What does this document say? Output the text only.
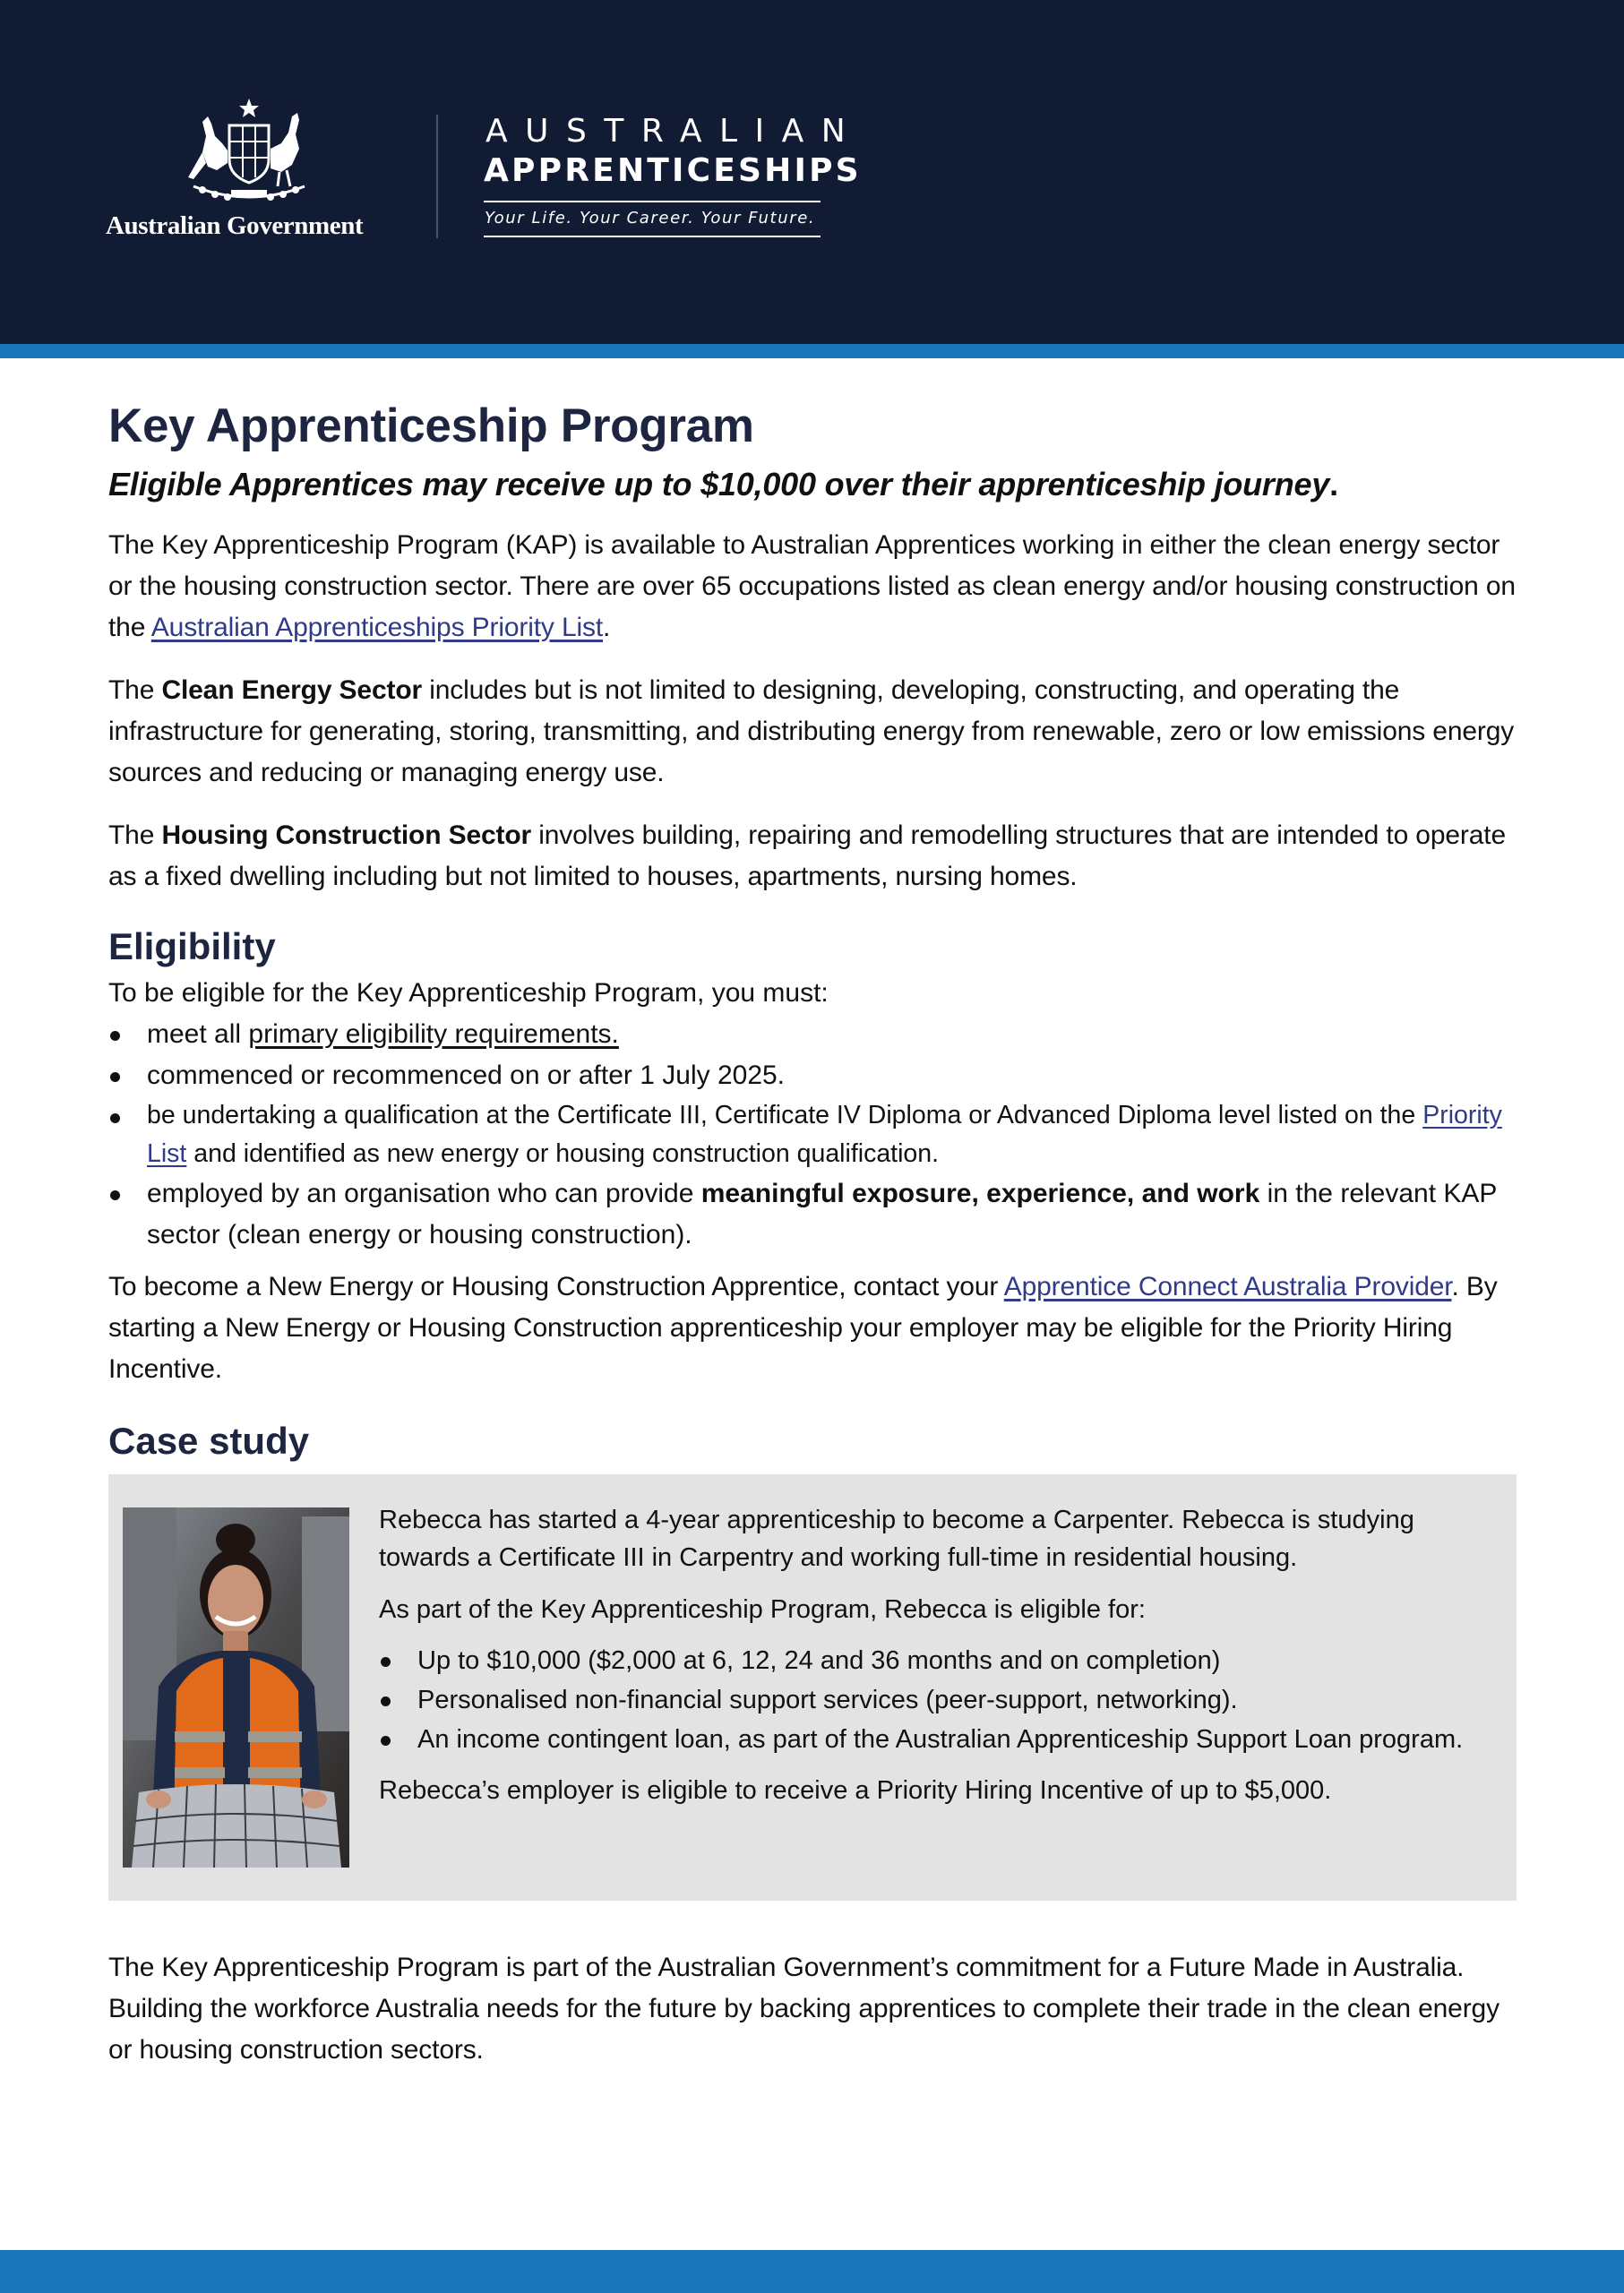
Australian Government
AUSTRALIAN
APPRENTICESHIPS
Your Life. Your Career. Your Future.
Key Apprenticeship Program
Eligible Apprentices may receive up to $10,000 over their apprenticeship journey.

The Key Apprenticeship Program (KAP) is available to Australian Apprentices working in either the clean energy sector or the housing construction sector. There are over 65 occupations listed as clean energy and/or housing construction on the Australian Apprenticeships Priority List.

The Clean Energy Sector includes but is not limited to designing, developing, constructing, and operating the infrastructure for generating, storing, transmitting, and distributing energy from renewable, zero or low emissions energy sources and reducing or managing energy use.

The Housing Construction Sector involves building, repairing and remodelling structures that are intended to operate as a fixed dwelling including but not limited to houses, apartments, nursing homes.

Eligibility

To be eligible for the Key Apprenticeship Program, you must:

meet all primary eligibility requirements.
commenced or recommenced on or after 1 July 2025.
be undertaking a qualification at the Certificate III, Certificate IV Diploma or Advanced Diploma level listed on the Priority List and identified as new energy or housing construction qualification.
employed by an organisation who can provide meaningful exposure, experience, and work in the relevant KAP sector (clean energy or housing construction).

To become a New Energy or Housing Construction Apprentice, contact your Apprentice Connect Australia Provider. By starting a New Energy or Housing Construction apprenticeship your employer may be eligible for the Priority Hiring Incentive.

Case study

Rebecca has started a 4-year apprenticeship to become a Carpenter. Rebecca is studying towards a Certificate III in Carpentry and working full-time in residential housing.

As part of the Key Apprenticeship Program, Rebecca is eligible for:

Up to $10,000 ($2,000 at 6, 12, 24 and 36 months and on completion)
Personalised non-financial support services (peer-support, networking).
An income contingent loan, as part of the Australian Apprenticeship Support Loan program.

Rebecca’s employer is eligible to receive a Priority Hiring Incentive of up to $5,000.

The Key Apprenticeship Program is part of the Australian Government’s commitment for a Future Made in Australia. Building the workforce Australia needs for the future by backing apprentices to complete their trade in the clean energy or housing construction sectors.
